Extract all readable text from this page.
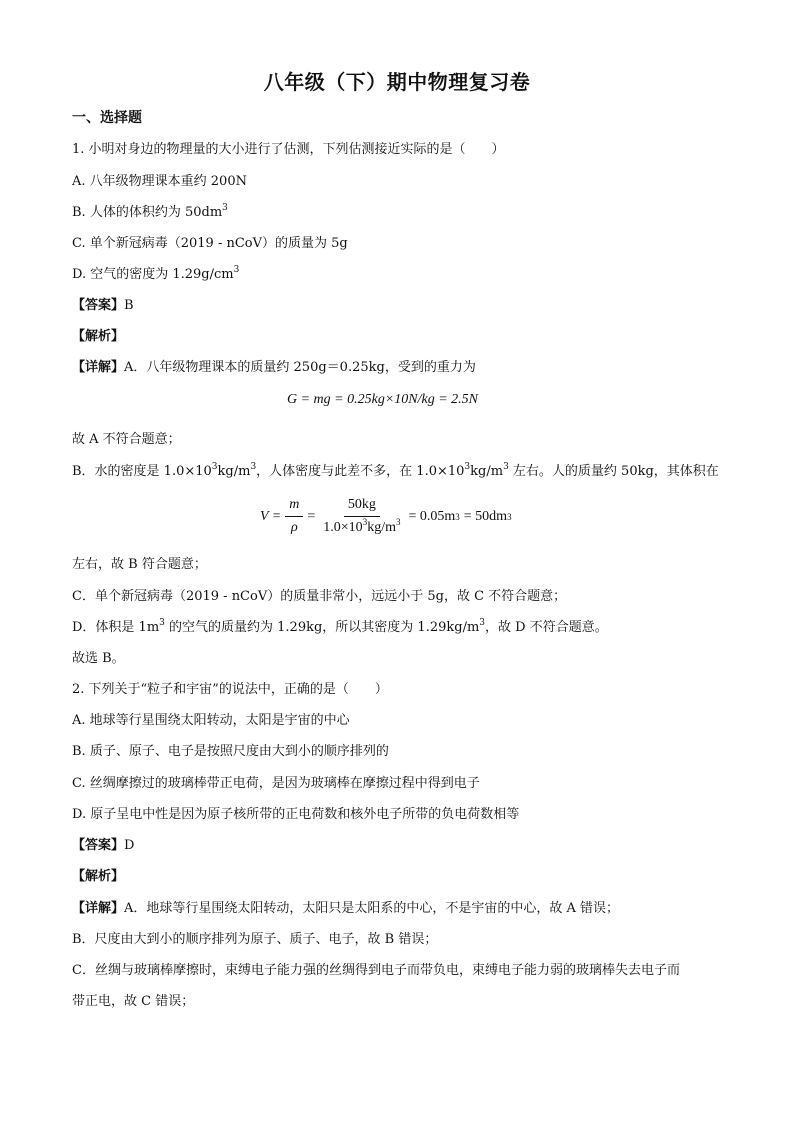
八年级（下）期中物理复习卷
一、选择题
1. 小明对身边的物理量的大小进行了估测，下列估测接近实际的是（　　）
A. 八年级物理课本重约 200N
B. 人体的体积约为 $50dm^3$
C. 单个新冠病毒（2019 - nCoV）的质量为 5g
D. 空气的密度为 $1.29g/cm^3$
【答案】B
【解析】
【详解】A．八年级物理课本的质量约 250g＝0.25kg，受到的重力为
G = mg = 0.25kg×10N/kg = 2.5N
故 A 不符合题意；
B．水的密度是 $1.0\times 10^3kg/m^3$，人体密度与此差不多，在 $1.0\times 10^3kg/m^3$ 左右。人的质量约 50kg，其体积在
$V = \frac{m}{\rho} = \frac{50kg}{1.0\times 10^3kg/m^3} = 0.05m$ 3 = 50dm 3
左右，故 B 符合题意；
C．单个新冠病毒（2019 - nCoV）的质量非常小，远远小于 5g，故 C 不符合题意；
D．体积是 $1m^3$ 的空气的质量约为 1.29kg，所以其密度为 $1.29kg/m^3$，故 D 不符合题意。
故选 B。
2. 下列关于“粒子和宇宙”的说法中，正确的是（　　）
A. 地球等行星围绕太阳转动，太阳是宇宙的中心
B. 质子、原子、电子是按照尺度由大到小的顺序排列的
C. 丝绸摩擦过的玻璃棒带正电荷，是因为玻璃棒在摩擦过程中得到电子
D. 原子呈电中性是因为原子核所带的正电荷数和核外电子所带的负电荷数相等
【答案】D
【解析】
【详解】A．地球等行星围绕太阳转动，太阳只是太阳系的中心，不是宇宙的中心，故 A 错误；
B．尺度由大到小的顺序排列为原子、质子、电子，故 B 错误；
C．丝绸与玻璃棒摩擦时，束缚电子能力强的丝绸得到电子而带负电，束缚电子能力弱的玻璃棒失去电子而
带正电，故 C 错误；
